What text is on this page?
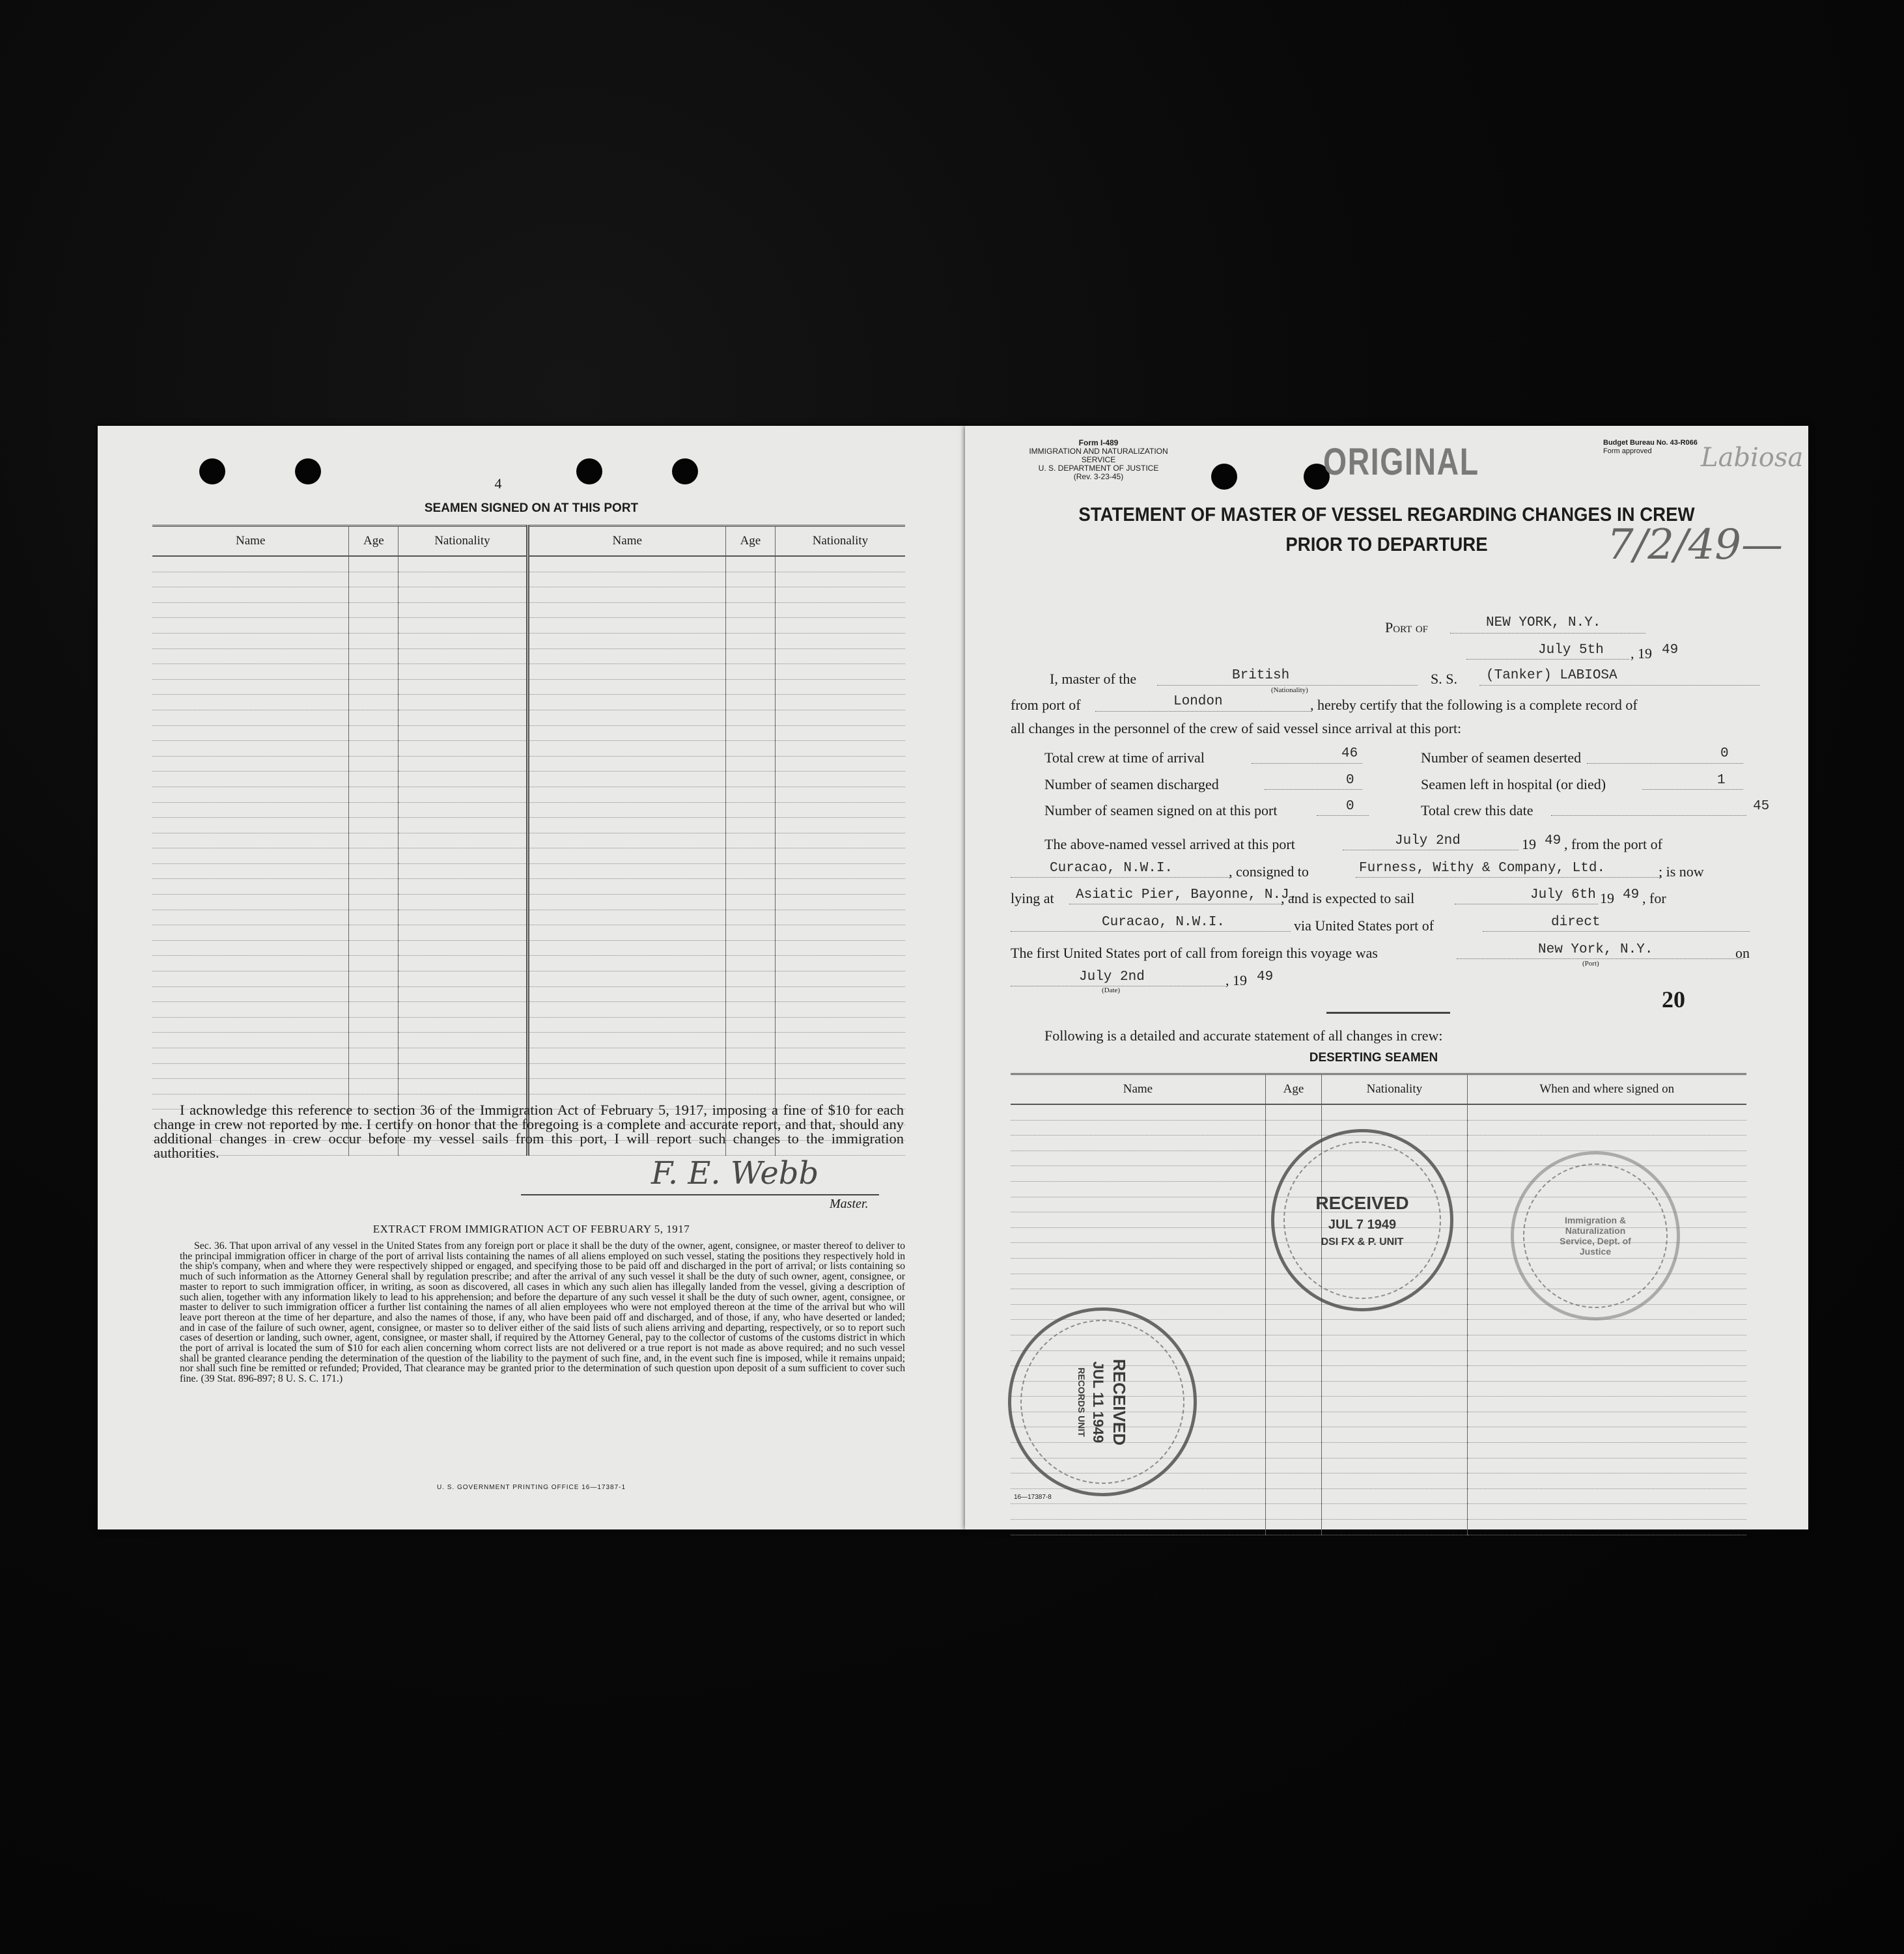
4
SEAMEN SIGNED ON AT THIS PORT
Name	Age	Nationality	Name	Age	Nationality

I acknowledge this reference to section 36 of the Immigration Act of February 5, 1917, imposing a fine of $10 for each change in crew not reported by me. I certify on honor that the foregoing is a complete and accurate report, and that, should any additional changes in crew occur before my vessel sails from this port, I will report such changes to the immigration authorities.
F. E. Webb
Master.
EXTRACT FROM IMMIGRATION ACT OF FEBRUARY 5, 1917
Sec. 36. That upon arrival of any vessel in the United States from any foreign port or place it shall be the duty of the owner, agent, consignee, or master thereof to deliver to the principal immigration officer in charge of the port of arrival lists containing the names of all aliens employed on such vessel, stating the positions they respectively hold in the ship's company, when and where they were respectively shipped or engaged, and specifying those to be paid off and discharged in the port of arrival; or lists containing so much of such information as the Attorney General shall by regulation prescribe; and after the arrival of any such vessel it shall be the duty of such owner, agent, consignee, or master to report to such immigration officer, in writing, as soon as discovered, all cases in which any such alien has illegally landed from the vessel, giving a description of such alien, together with any information likely to lead to his apprehension; and before the departure of any such vessel it shall be the duty of such owner, agent, consignee, or master to deliver to such immigration officer a further list containing the names of all alien employees who were not employed thereon at the time of the arrival but who will leave port thereon at the time of her departure, and also the names of those, if any, who have been paid off and discharged, and of those, if any, who have deserted or landed; and in case of the failure of such owner, agent, consignee, or master so to deliver either of the said lists of such aliens arriving and departing, respectively, or so to report such cases of desertion or landing, such owner, agent, consignee, or master shall, if required by the Attorney General, pay to the collector of customs of the customs district in which the port of arrival is located the sum of $10 for each alien concerning whom correct lists are not delivered or a true report is not made as above required; and no such vessel shall be granted clearance pending the determination of the question of the liability to the payment of such fine, and, in the event such fine is imposed, while it remains unpaid; nor shall such fine be remitted or refunded; Provided, That clearance may be granted prior to the determination of such question upon deposit of a sum sufficient to cover such fine. (39 Stat. 896-897; 8 U. S. C. 171.)
U. S. GOVERNMENT PRINTING OFFICE 16—17387-1
Form I-489
IMMIGRATION AND NATURALIZATION SERVICE
U. S. DEPARTMENT OF JUSTICE
(Rev. 3-23-45)	ORIGINAL	Budget Bureau No. 43-R066
Form approved	Labiosa
7/2/49—
STATEMENT OF MASTER OF VESSEL REGARDING CHANGES IN CREW
PRIOR TO DEPARTURE
Port of	NEW YORK, N.Y.
July 5th , 19 49
I, master of the	British
(Nationality)
S. S. (Tanker) LABIOSA
from port of	London	, hereby certify that the following is a complete record of
all changes in the personnel of the crew of said vessel since arrival at this port:
Total crew at time of arrival	46	Number of seamen deserted	0
Number of seamen discharged	0	Seamen left in hospital (or died)	1
Number of seamen signed on at this port	0	Total crew this date	45
The above-named vessel arrived at this port	July 2nd	19 49 , from the port of
Curacao, N.W.I.	, consigned to	Furness, Withy & Company, Ltd.	; is now
lying at Asiatic Pier, Bayonne, N.J.
, and is expected to sail	July 6th 19 49 , for
Curacao, N.W.I.	via United States port of	direct
The first United States port of call from foreign this voyage was	New York, N.Y.
(Port)
on
July 2nd
(Date)
, 19 49
20
Following is a detailed and accurate statement of all changes in crew:
DESERTING SEAMEN
Name	Age	Nationality	When and where signed on

RECEIVED
JUL 7 1949
DSI FX & P. UNIT
Immigration & Naturalization Service, Dept. of Justice
RECEIVED
JUL 11 1949
RECORDS UNIT
16—17387-8
